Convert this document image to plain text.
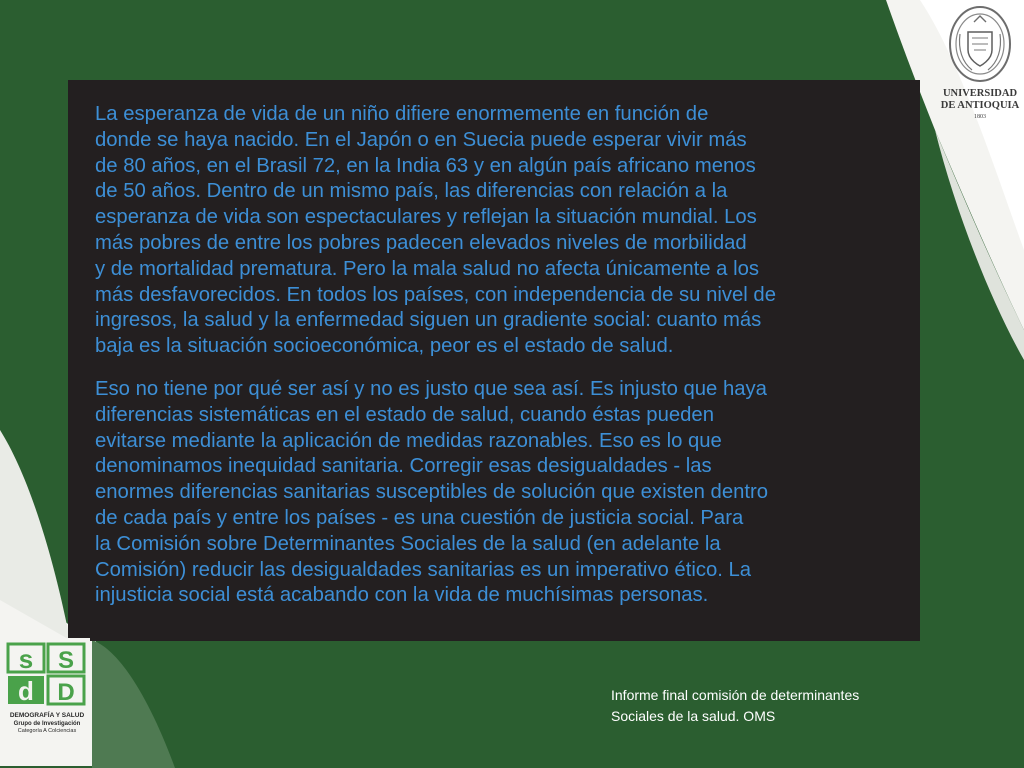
La esperanza de vida de un niño difiere enormemente en función de
donde se haya nacido. En el Japón o en Suecia puede esperar vivir más
de 80 años, en el Brasil 72, en la India 63 y en algún país africano menos
de 50 años. Dentro de un mismo país, las diferencias con relación a la
esperanza de vida son espectaculares y reflejan la situación mundial. Los
más pobres de entre los pobres padecen elevados niveles de morbilidad
y de mortalidad prematura. Pero la mala salud no afecta únicamente a los
más desfavorecidos. En todos los países, con independencia de su nivel de
ingresos, la salud y la enfermedad siguen un gradiente social: cuanto más
baja es la situación socioeconómica, peor es el estado de salud.

Eso no tiene por qué ser así y no es justo que sea así. Es injusto que haya
diferencias sistemáticas en el estado de salud, cuando éstas pueden
evitarse mediante la aplicación de medidas razonables. Eso es lo que
denominamos inequidad sanitaria. Corregir esas desigualdades - las
enormes diferencias sanitarias susceptibles de solución que existen dentro
de cada país y entre los países - es una cuestión de justicia social. Para
la Comisión sobre Determinantes Sociales de la salud (en adelante la
Comisión) reducir las desigualdades sanitarias es un imperativo ético. La
injusticia social está acabando con la vida de muchísimas personas.

UNIVERSIDAD
DE ANTIOQUIA
1803
s
d
S
D
DEMOGRAFÍA Y SALUD
Grupo de Investigación
Categoría A Colciencias

Informe final comisión de determinantes
Sociales de la salud. OMS
